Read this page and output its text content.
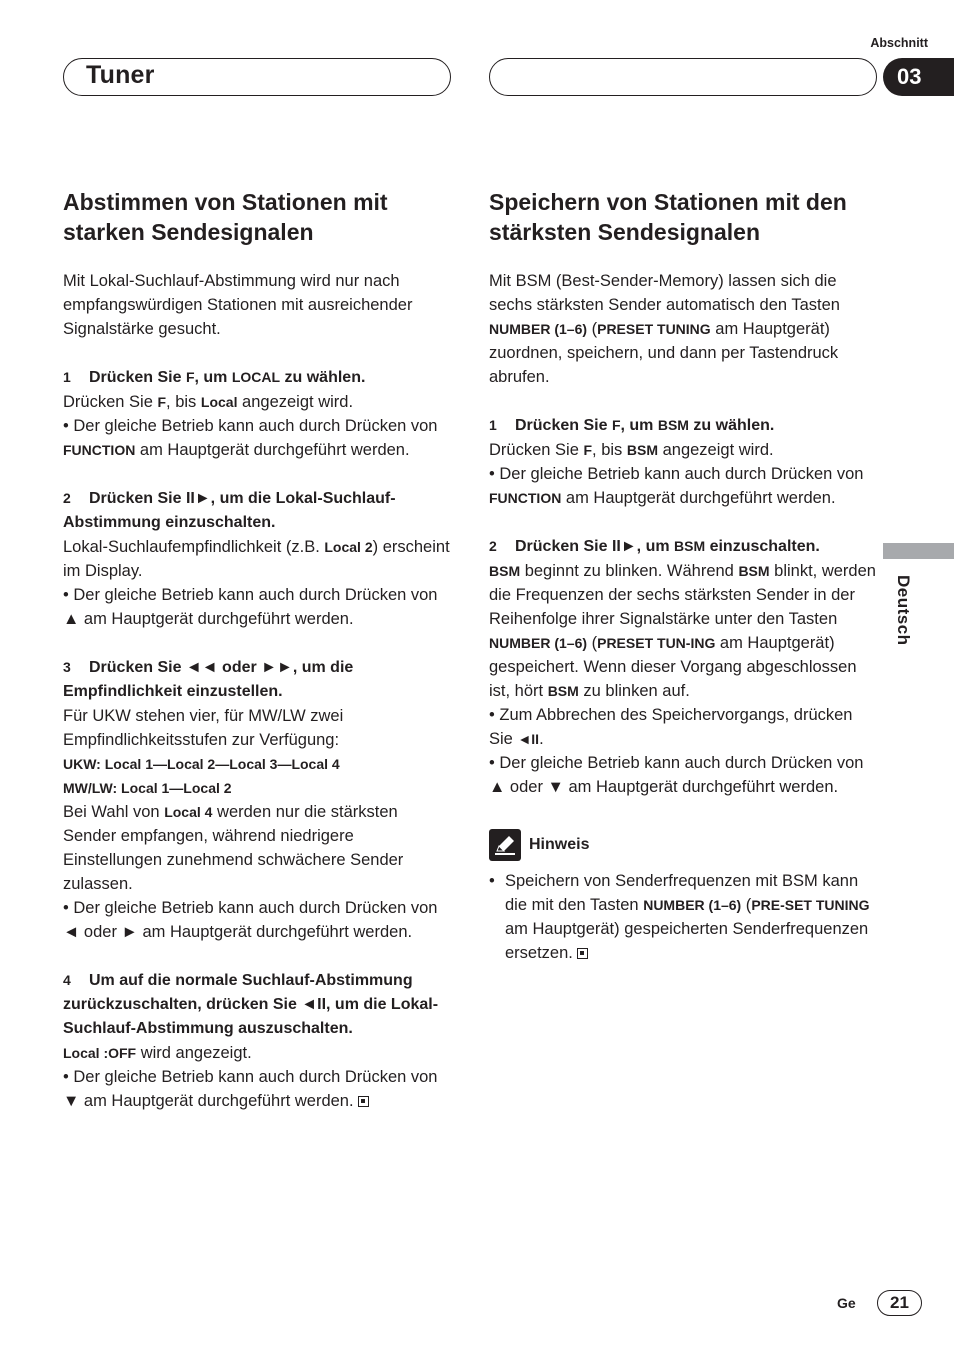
Tuner
Abschnitt
03
Abstimmen von Stationen mit starken Sendesignalen

Mit Lokal-Suchlauf-Abstimmung wird nur nach empfangswürdigen Stationen mit ausreichender Signalstärke gesucht.

1 Drücken Sie F, um LOCAL zu wählen.

Drücken Sie F, bis Local angezeigt wird.

• Der gleiche Betrieb kann auch durch Drücken von FUNCTION am Hauptgerät durchgeführt werden.

2 Drücken Sie II►, um die Lokal-Suchlauf-Abstimmung einzuschalten.

Lokal-Suchlaufempfindlichkeit (z.B. Local 2) erscheint im Display.

• Der gleiche Betrieb kann auch durch Drücken von ▲ am Hauptgerät durchgeführt werden.

3 Drücken Sie ◄◄ oder ►►, um die Empfindlichkeit einzustellen.

Für UKW stehen vier, für MW/LW zwei Empfindlichkeitsstufen zur Verfügung:

UKW: Local 1—Local 2—Local 3—Local 4

MW/LW: Local 1—Local 2

Bei Wahl von Local 4 werden nur die stärksten Sender empfangen, während niedrigere Einstellungen zunehmend schwächere Sender zulassen.

• Der gleiche Betrieb kann auch durch Drücken von ◄ oder ► am Hauptgerät durchgeführt werden.

4 Um auf die normale Suchlauf-Abstimmung zurückzuschalten, drücken Sie ◄II, um die Lokal-Suchlauf-Abstimmung auszuschalten.

Local :OFF wird angezeigt.

• Der gleiche Betrieb kann auch durch Drücken von ▼ am Hauptgerät durchgeführt werden.

Speichern von Stationen mit den stärksten Sendesignalen

Mit BSM (Best-Sender-Memory) lassen sich die sechs stärksten Sender automatisch den Tasten NUMBER (1–6) (PRESET TUNING am Hauptgerät) zuordnen, speichern, und dann per Tastendruck abrufen.

1 Drücken Sie F, um BSM zu wählen.

Drücken Sie F, bis BSM angezeigt wird.

• Der gleiche Betrieb kann auch durch Drücken von FUNCTION am Hauptgerät durchgeführt werden.

2 Drücken Sie II►, um BSM einzuschalten.

BSM beginnt zu blinken. Während BSM blinkt, werden die Frequenzen der sechs stärksten Sender in der Reihenfolge ihrer Signalstärke unter den Tasten NUMBER (1–6) (PRESET TUN-ING am Hauptgerät) gespeichert. Wenn dieser Vorgang abgeschlossen ist, hört BSM zu blinken auf.

• Zum Abbrechen des Speichervorgangs, drücken Sie ◄II.

• Der gleiche Betrieb kann auch durch Drücken von ▲ oder ▼ am Hauptgerät durchgeführt werden.

Hinweis

• Speichern von Senderfrequenzen mit BSM kann die mit den Tasten NUMBER (1–6) (PRE-SET TUNING am Hauptgerät) gespeicherten Senderfrequenzen ersetzen.

Deutsch
Ge	21
